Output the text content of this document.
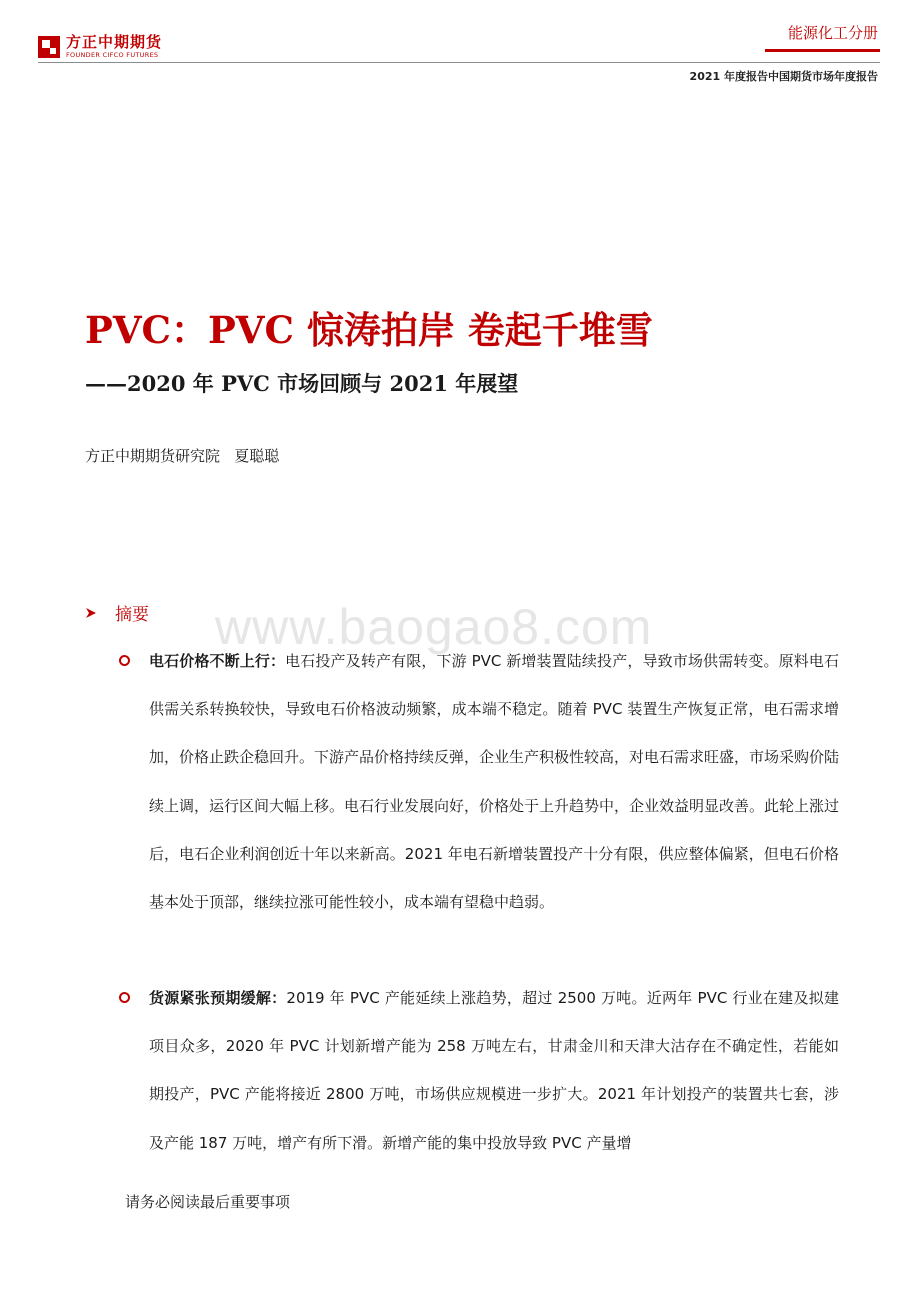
方正中期期货
FOUNDER CIFCO FUTURES
能源化工分册
2021 年度报告中国期货市场年度报告
PVC：PVC 惊涛拍岸 卷起千堆雪
——2020 年 PVC 市场回顾与 2021 年展望
方正中期期货研究院   夏聪聪
www.baogao8.com
摘要
电石价格不断上行：电石投产及转产有限，下游 PVC 新增装置陆续投产，导致市场供需转变。原料电石供需关系转换较快，导致电石价格波动频繁，成本端不稳定。随着 PVC 装置生产恢复正常，电石需求增加，价格止跌企稳回升。下游产品价格持续反弹，企业生产积极性较高，对电石需求旺盛，市场采购价陆续上调，运行区间大幅上移。电石行业发展向好，价格处于上升趋势中，企业效益明显改善。此轮上涨过后，电石企业利润创近十年以来新高。2021 年电石新增装置投产十分有限，供应整体偏紧，但电石价格基本处于顶部，继续拉涨可能性较小，成本端有望稳中趋弱。
货源紧张预期缓解：2019 年 PVC 产能延续上涨趋势，超过 2500 万吨。近两年 PVC 行业在建及拟建项目众多，2020 年 PVC 计划新增产能为 258 万吨左右，甘肃金川和天津大沽存在不确定性，若能如期投产，PVC 产能将接近 2800 万吨，市场供应规模进一步扩大。2021 年计划投产的装置共七套，涉及产能 187 万吨，增产有所下滑。新增产能的集中投放导致 PVC 产量增
请务必阅读最后重要事项
